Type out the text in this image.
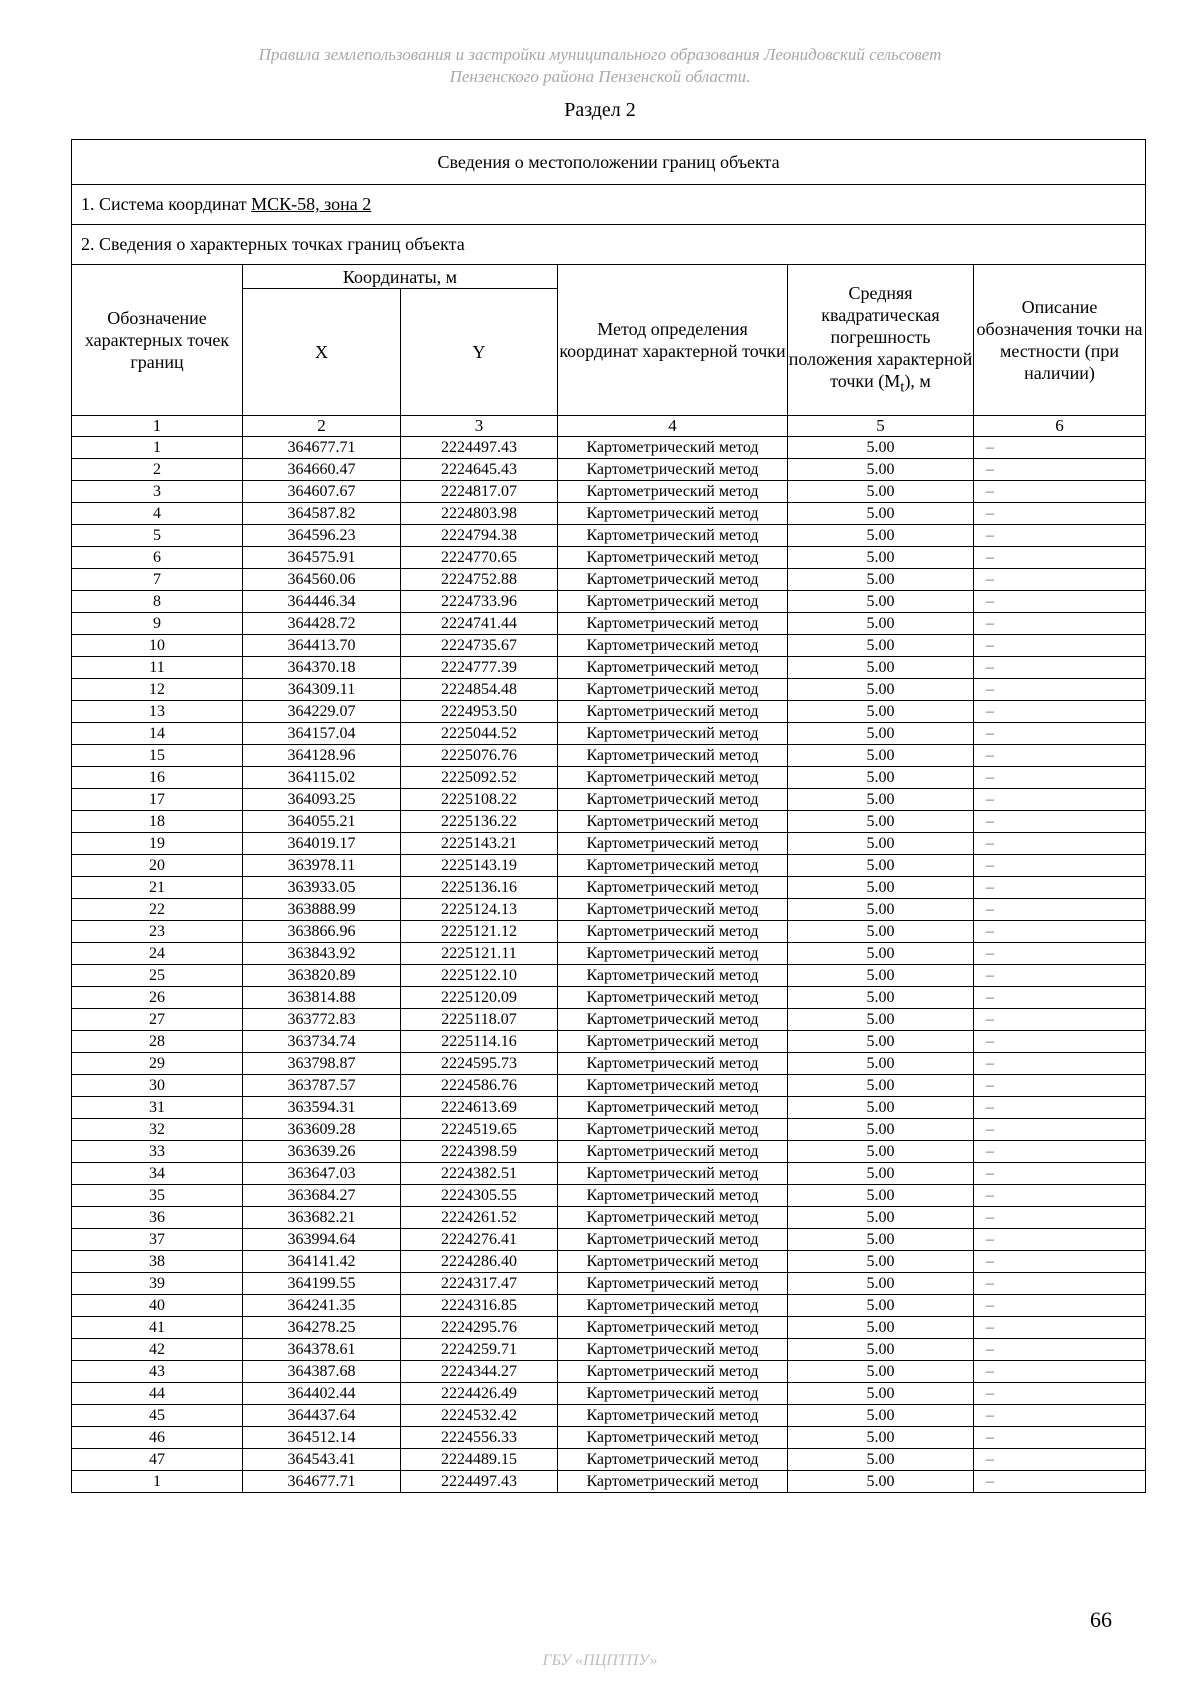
Правила землепользования и застройки муниципального образования Леонидовский сельсовет
Пензенского района Пензенской области.
Раздел 2
Сведения о местоположении границ объекта					
1. Система координат МСК-58, зона 2					
2. Сведения о характерных точках границ объекта					
Обозначение характерных точек границ	Координаты, м		Метод определения координат характерной точки	Средняя квадратическая погрешность положения характерной точки $(М_t)$, м	Описание обозначения точки на местности (при наличии)
	X	Y			
1	2	3	4	5	6
1	364677.71	2224497.43	Картометрический метод	5.00	–
2	364660.47	2224645.43	Картометрический метод	5.00	–
3	364607.67	2224817.07	Картометрический метод	5.00	–
4	364587.82	2224803.98	Картометрический метод	5.00	–
5	364596.23	2224794.38	Картометрический метод	5.00	–
6	364575.91	2224770.65	Картометрический метод	5.00	–
7	364560.06	2224752.88	Картометрический метод	5.00	–
8	364446.34	2224733.96	Картометрический метод	5.00	–
9	364428.72	2224741.44	Картометрический метод	5.00	–
10	364413.70	2224735.67	Картометрический метод	5.00	–
11	364370.18	2224777.39	Картометрический метод	5.00	–
12	364309.11	2224854.48	Картометрический метод	5.00	–
13	364229.07	2224953.50	Картометрический метод	5.00	–
14	364157.04	2225044.52	Картометрический метод	5.00	–
15	364128.96	2225076.76	Картометрический метод	5.00	–
16	364115.02	2225092.52	Картометрический метод	5.00	–
17	364093.25	2225108.22	Картометрический метод	5.00	–
18	364055.21	2225136.22	Картометрический метод	5.00	–
19	364019.17	2225143.21	Картометрический метод	5.00	–
20	363978.11	2225143.19	Картометрический метод	5.00	–
21	363933.05	2225136.16	Картометрический метод	5.00	–
22	363888.99	2225124.13	Картометрический метод	5.00	–
23	363866.96	2225121.12	Картометрический метод	5.00	–
24	363843.92	2225121.11	Картометрический метод	5.00	–
25	363820.89	2225122.10	Картометрический метод	5.00	–
26	363814.88	2225120.09	Картометрический метод	5.00	–
27	363772.83	2225118.07	Картометрический метод	5.00	–
28	363734.74	2225114.16	Картометрический метод	5.00	–
29	363798.87	2224595.73	Картометрический метод	5.00	–
30	363787.57	2224586.76	Картометрический метод	5.00	–
31	363594.31	2224613.69	Картометрический метод	5.00	–
32	363609.28	2224519.65	Картометрический метод	5.00	–
33	363639.26	2224398.59	Картометрический метод	5.00	–
34	363647.03	2224382.51	Картометрический метод	5.00	–
35	363684.27	2224305.55	Картометрический метод	5.00	–
36	363682.21	2224261.52	Картометрический метод	5.00	–
37	363994.64	2224276.41	Картометрический метод	5.00	–
38	364141.42	2224286.40	Картометрический метод	5.00	–
39	364199.55	2224317.47	Картометрический метод	5.00	–
40	364241.35	2224316.85	Картометрический метод	5.00	–
41	364278.25	2224295.76	Картометрический метод	5.00	–
42	364378.61	2224259.71	Картометрический метод	5.00	–
43	364387.68	2224344.27	Картометрический метод	5.00	–
44	364402.44	2224426.49	Картометрический метод	5.00	–
45	364437.64	2224532.42	Картометрический метод	5.00	–
46	364512.14	2224556.33	Картометрический метод	5.00	–
47	364543.41	2224489.15	Картометрический метод	5.00	–
1	364677.71	2224497.43	Картометрический метод	5.00	–
66
ГБУ «ПЦПТПУ»
